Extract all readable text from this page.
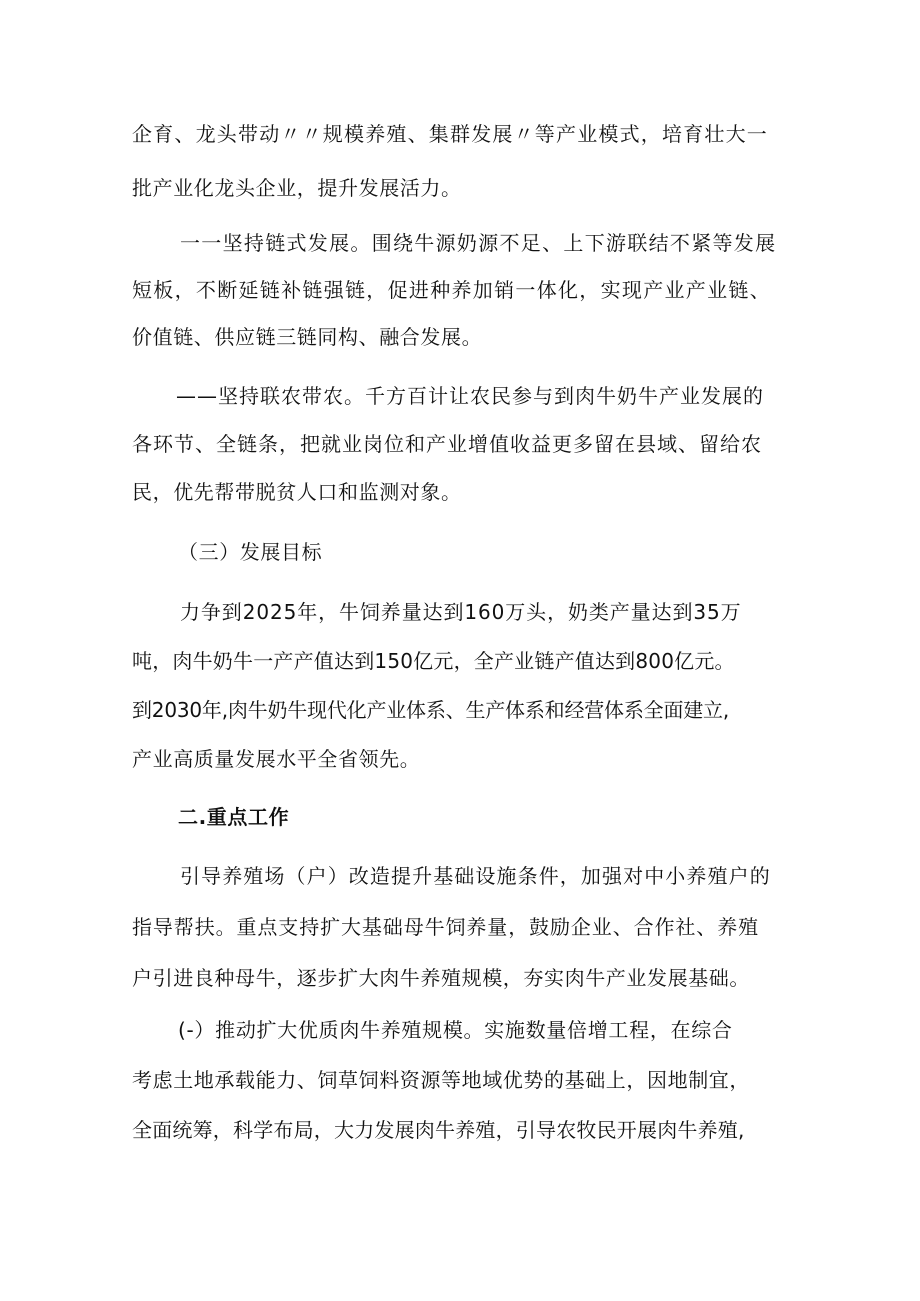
企育、龙头带动〃〃规模养殖、集群发展〃等产业模式，培育壮大一
批产业化龙头企业，提升发展活力。
一一坚持链式发展。围绕牛源奶源不足、上下游联结不紧等发展
短板，不断延链补链强链，促进种养加销一体化，实现产业产业链、
价值链、供应链三链同构、融合发展。
——坚持联农带农。千方百计让农民参与到肉牛奶牛产业发展的
各环节、全链条，把就业岗位和产业增值收益更多留在县域、留给农
民，优先帮带脱贫人口和监测对象。
（三）发展目标
力争到2025年，牛饲养量达到160万头，奶类产量达到35万
吨，肉牛奶牛一产产值达到150亿元，全产业链产值达到800亿元。
到2030年,肉牛奶牛现代化产业体系、生产体系和经营体系全面建立,
产业高质量发展水平全省领先。
二.重点工作
引导养殖场（户）改造提升基础设施条件，加强对中小养殖户的
指导帮扶。重点支持扩大基础母牛饲养量，鼓励企业、合作社、养殖
户引进良种母牛，逐步扩大肉牛养殖规模，夯实肉牛产业发展基础。
(-）推动扩大优质肉牛养殖规模。实施数量倍增工程，在综合
考虑土地承载能力、饲草饲料资源等地域优势的基础上，因地制宜，
全面统筹，科学布局，大力发展肉牛养殖，引导农牧民开展肉牛养殖,
